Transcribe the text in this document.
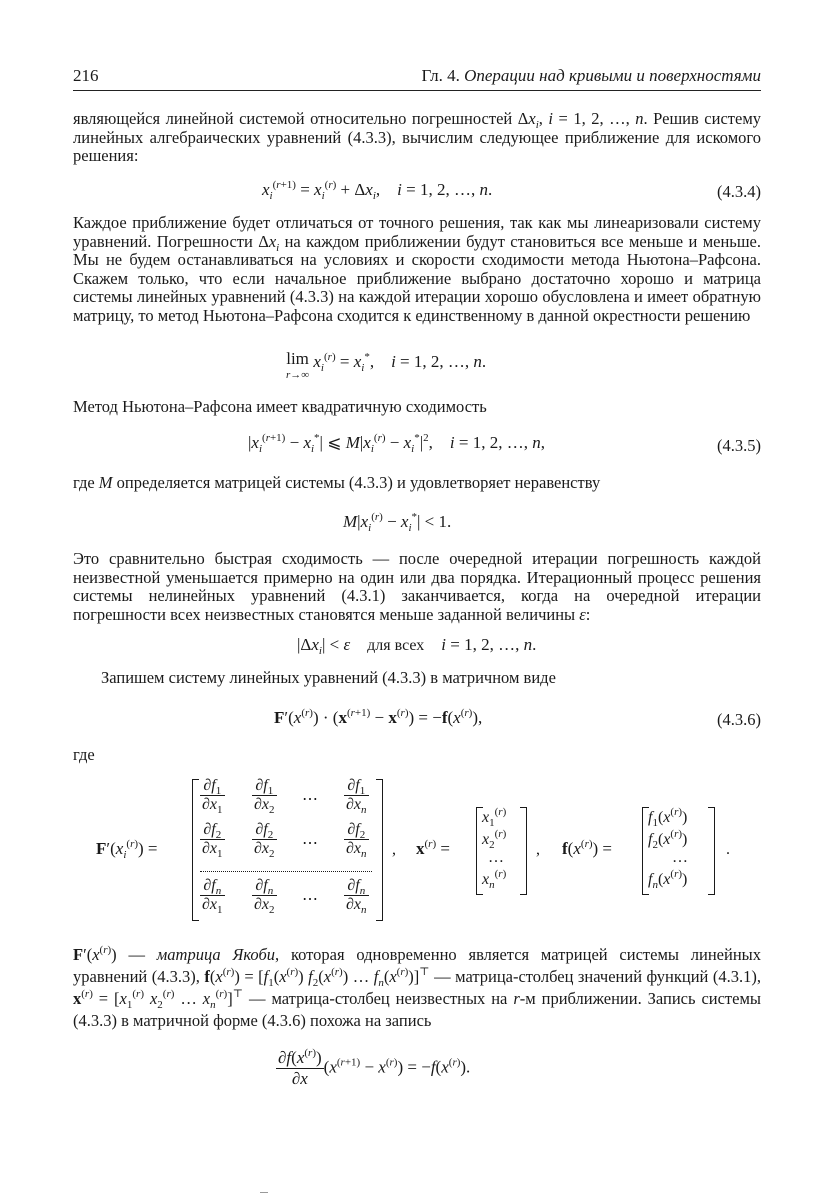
216	Гл. 4. Операции над кривыми и поверхностями

являющейся линейной системой относительно погрешностей $\Delta x_i$, i = 1, 2, …, n. Решив систему линейных алгебраических уравнений (4.3.3), вычислим следующее приближение для искомого решения:

$x_i^{(r+1)} = x_i^{(r)} + \Delta x_i$,    i = 1, 2, …, n.	(4.3.4)

Каждое приближение будет отличаться от точного решения, так как мы линеаризовали систему уравнений. Погрешности $\Delta x_i$ на каждом приближении будут становиться все меньше и меньше. Мы не будем останавливаться на условиях и скорости сходимости метода Ньютона–Рафсона. Скажем только, что если начальное приближение выбрано достаточно хорошо и матрица системы линейных уравнений (4.3.3) на каждой итерации хорошо обусловлена и имеет обратную матрицу, то метод Ньютона–Рафсона сходится к единственному в данной окрестности решению

lim
r→∞ $x_i^{(r)} = x_i^*$,    i = 1, 2, …, n.

Метод Ньютона–Рафсона имеет квадратичную сходимость

$|x_i^{(r+1)} - x_i^*|$ ⩽ $M|x_i^{(r)} - x_i^*|^2$,    i = 1, 2, …, n,	(4.3.5)

где M определяется матрицей системы (4.3.3) и удовлетворяет неравенству

$M|x_i^{(r)} - x_i^*| < 1$.

Это сравнительно быстрая сходимость — после очередной итерации погрешность каждой неизвестной уменьшается примерно на один или два порядка. Итерационный процесс решения системы нелинейных уравнений (4.3.1) заканчивается, когда на очередной итерации погрешности всех неизвестных становятся меньше заданной величины ε:

$|\Delta x_i| < \varepsilon$ для всех i = 1, 2, …, n.

Запишем систему линейных уравнений (4.3.3) в матричном виде

$F'(x^{(r)}) \cdot (x^{(r+1)} - x^{(r)}) = -f(x^{(r)})$,	(4.3.6)

где

$F'(x_i^{(r)})$ =
$\frac{\partial f_1}{\partial x_1} \frac{\partial f_1}{\partial x_2}$ ⋯ $\frac{\partial f_1}{\partial x_n}$
$\frac{\partial f_2}{\partial x_1} \frac{\partial f_2}{\partial x_2}$ ⋯ $\frac{\partial f_2}{\partial x_n}$
$\frac{\partial f_n}{\partial x_1} \frac{\partial f_n}{\partial x_2}$ ⋯ $\frac{\partial f_n}{\partial x_n}$
, $x^{(r)}$ =
$x_1^{(r)}$
$x_2^{(r)}$
…
$x_n^{(r)}$
, $f(x^{(r)})$ =
$f_1(x^{(r)})$
$f_2(x^{(r)})$
…
$f_n(x^{(r)})$
.

$F'(x^{(r)})$ — матрица Якоби, которая одновременно является матрицей системы линейных уравнений (4.3.3), $f(x^{(r)}) = [f_1(x^{(r)})$ $f_2(x^{(r)})$ … $f_n(x^{(r)})]^⊤$ — матрица-столбец значений функций (4.3.1), $x^{(r)} = [x_1^{(r)}$ $x_2^{(r)}$ … $x_n^{(r)}]^⊤$ — матрица-столбец неизвестных на r-м приближении. Запись системы (4.3.3) в матричной форме (4.3.6) похожа на запись

$\frac{\partial f(x^{(r)})}{\partial x} (x^{(r+1)} - x^{(r)}) = -f(x^{(r)})$.
